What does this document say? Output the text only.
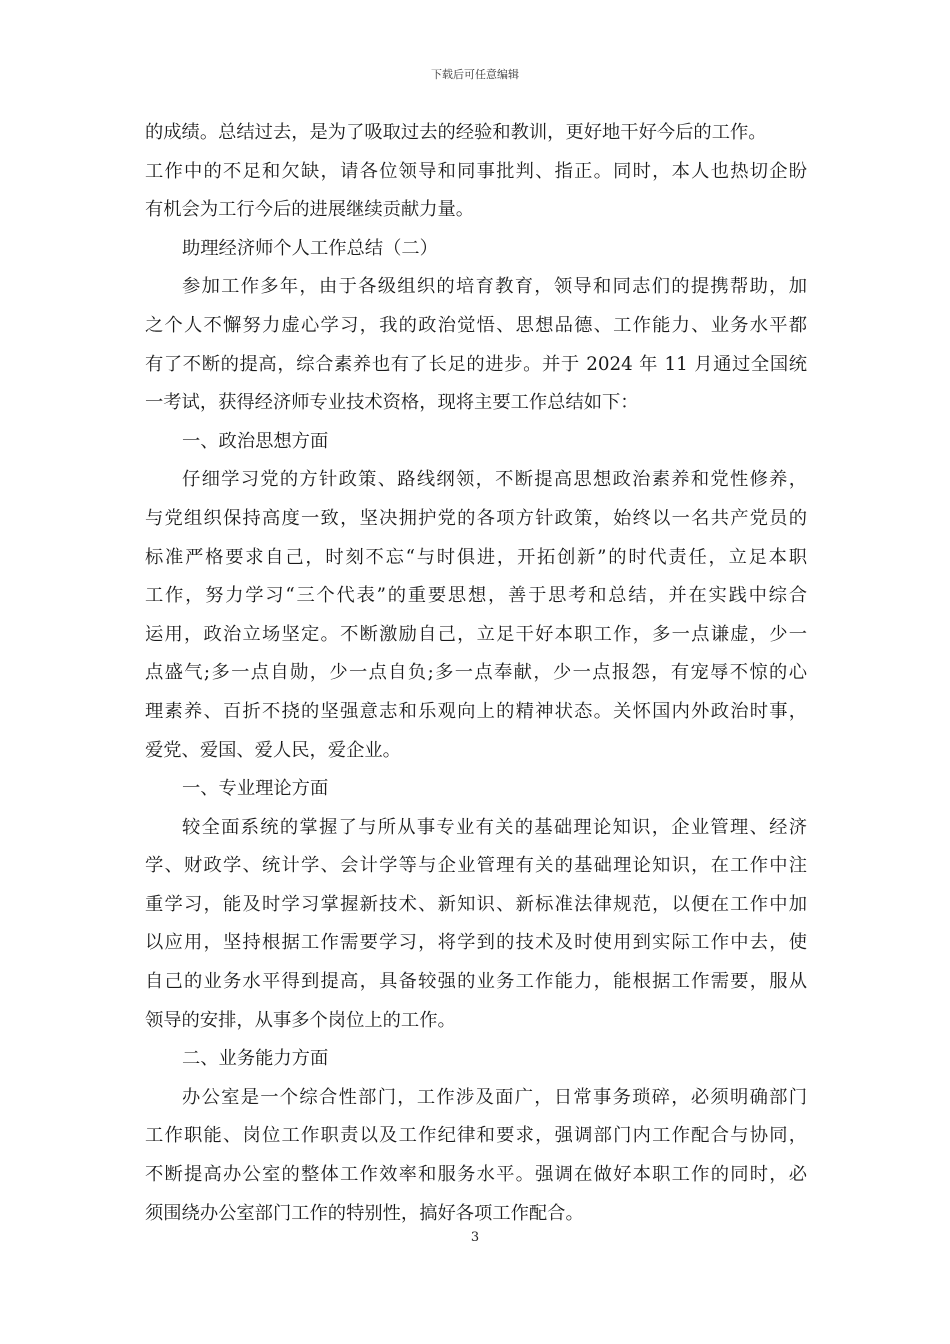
下载后可任意编辑
的成绩。总结过去，是为了吸取过去的经验和教训，更好地干好今后的工作。
工作中的不足和欠缺，请各位领导和同事批判、指正。同时，本人也热切企盼
有机会为工行今后的进展继续贡献力量。
助理经济师个人工作总结（二）
参加工作多年，由于各级组织的培育教育，领导和同志们的提携帮助，加
之个人不懈努力虚心学习，我的政治觉悟、思想品德、工作能力、业务水平都
有了不断的提高，综合素养也有了长足的进步。并于 2024 年 11 月通过全国统
一考试，获得经济师专业技术资格，现将主要工作总结如下：
一、政治思想方面
仔细学习党的方针政策、路线纲领，不断提高思想政治素养和党性修养，
与党组织保持高度一致，坚决拥护党的各项方针政策，始终以一名共产党员的
标准严格要求自己，时刻不忘“与时俱进，开拓创新”的时代责任，立足本职
工作，努力学习“三个代表”的重要思想，善于思考和总结，并在实践中综合
运用，政治立场坚定。不断激励自己，立足干好本职工作，多一点谦虚，少一
点盛气;多一点自勋，少一点自负;多一点奉献，少一点报怨，有宠辱不惊的心
理素养、百折不挠的坚强意志和乐观向上的精神状态。关怀国内外政治时事，
爱党、爱国、爱人民，爱企业。
一、专业理论方面
较全面系统的掌握了与所从事专业有关的基础理论知识，企业管理、经济
学、财政学、统计学、会计学等与企业管理有关的基础理论知识，在工作中注
重学习，能及时学习掌握新技术、新知识、新标准法律规范，以便在工作中加
以应用，坚持根据工作需要学习，将学到的技术及时使用到实际工作中去，使
自己的业务水平得到提高，具备较强的业务工作能力，能根据工作需要，服从
领导的安排，从事多个岗位上的工作。
二、业务能力方面
办公室是一个综合性部门，工作涉及面广，日常事务琐碎，必须明确部门
工作职能、岗位工作职责以及工作纪律和要求，强调部门内工作配合与协同，
不断提高办公室的整体工作效率和服务水平。强调在做好本职工作的同时，必
须围绕办公室部门工作的特别性，搞好各项工作配合。
3
